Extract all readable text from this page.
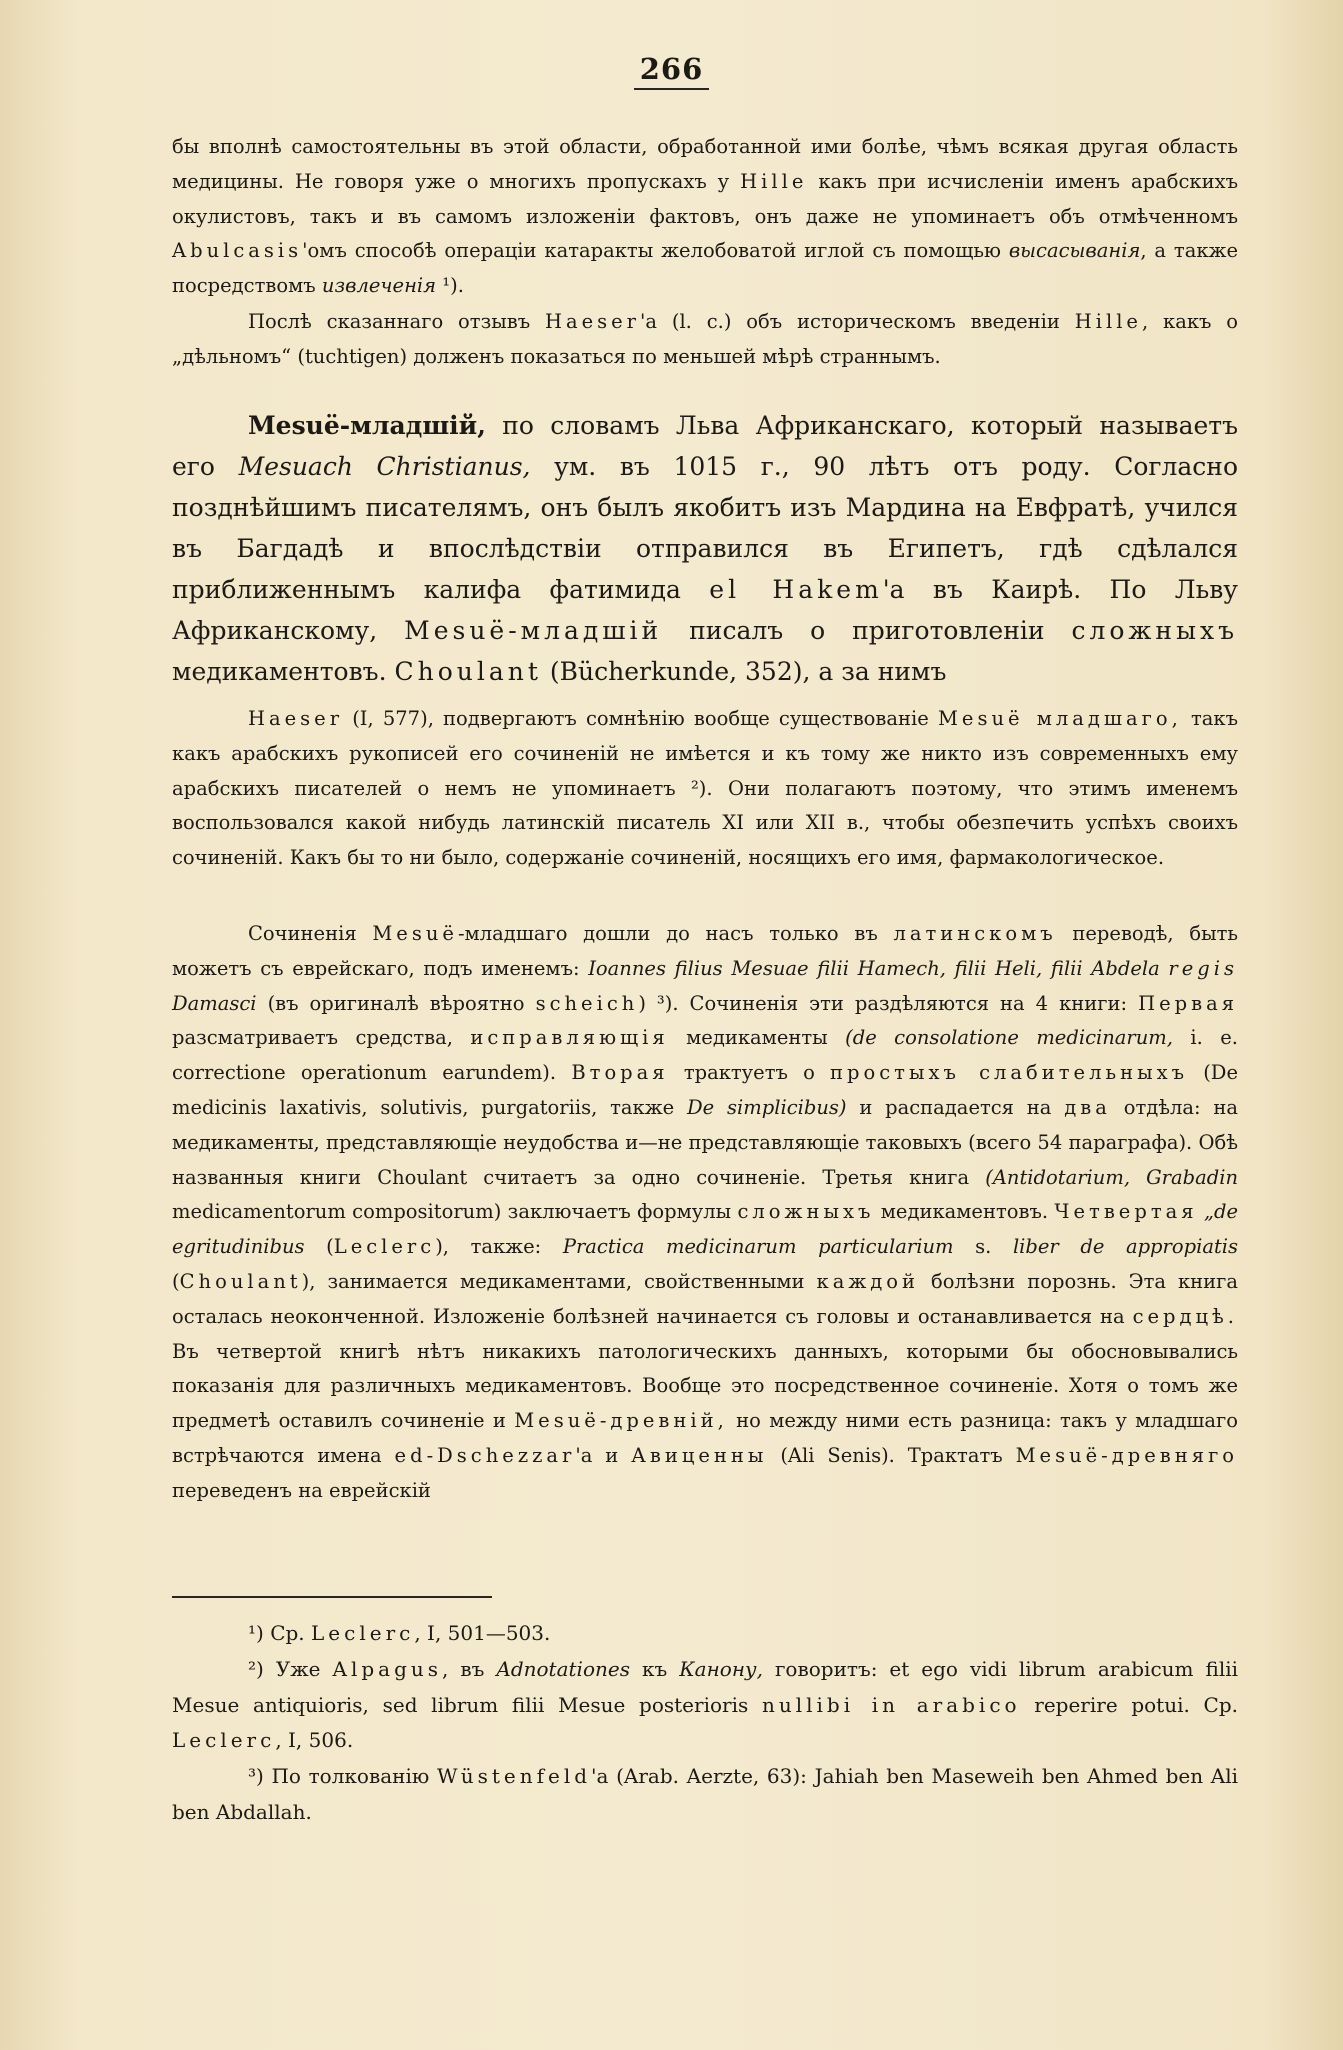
266

бы вполнѣ самостоятельны въ этой области, обработанной ими болѣе, чѣмъ всякая другая область медицины. Не говоря уже о многихъ пропускахъ у Hille какъ при исчисленіи именъ арабскихъ окулистовъ, такъ и въ самомъ изложеніи фактовъ, онъ даже не упоминаетъ объ отмѣченномъ Abulcasis'омъ способѣ операціи катаракты желобоватой иглой съ помощью высасыванія, а также посредствомъ извлеченія ¹).

Послѣ сказаннаго отзывъ Haeser'а (l. c.) объ историческомъ введеніи Hille, какъ о „дѣльномъ“ (tuchtigen) долженъ показаться по меньшей мѣрѣ страннымъ.

Mesuë-младшій, по словамъ Льва Африканскаго, который называетъ его Mesuach Christianus, ум. въ 1015 г., 90 лѣтъ отъ роду. Согласно позднѣйшимъ писателямъ, онъ былъ якобитъ изъ Мардина на Евфратѣ, учился въ Багдадѣ и впослѣдствіи отправился въ Египетъ, гдѣ сдѣлался приближеннымъ калифа фатимида el Hakem'а въ Каирѣ. По Льву Африканскому, Mesuë-младшій писалъ о приготовленіи сложныхъ медикаментовъ. Choulant (Bücherkunde, 352), а за нимъ

Haeser (I, 577), подвергаютъ сомнѣнію вообще существованіе Mesuë младшаго, такъ какъ арабскихъ рукописей его сочиненій не имѣется и къ тому же никто изъ современныхъ ему арабскихъ писателей о немъ не упоминаетъ ²). Они полагаютъ поэтому, что этимъ именемъ воспользовался какой нибудь латинскій писатель XI или XII в., чтобы обезпечить успѣхъ своихъ сочиненій. Какъ бы то ни было, содержаніе сочиненій, носящихъ его имя, фармакологическое.

Сочиненія Mesuë-младшаго дошли до насъ только въ латинскомъ переводѣ, быть можетъ съ еврейскаго, подъ именемъ: Ioannes filius Mesuae filii Hamech, filii Heli, filii Abdela regis Damasci (въ оригиналѣ вѣроятно scheich) ³). Сочиненія эти раздѣляются на 4 книги: Первая разсматриваетъ средства, исправляющія медикаменты (de consolatione medicinarum, i. e. correctione operationum earundem). Вторая трактуетъ о простыхъ слабительныхъ (De medicinis laxativis, solutivis, purgatoriis, также De simplicibus) и распадается на два отдѣла: на медикаменты, представляющіе неудобства и—не представляющіе таковыхъ (всего 54 параграфа). Обѣ названныя книги Choulant считаетъ за одно сочиненіе. Третья книга (Antidotarium, Grabadin medicamentorum compositorum) заключаетъ формулы сложныхъ медикаментовъ. Четвертая „de egritudinibus (Leclerc), также: Practica medicinarum particularium s. liber de appropiatis (Choulant), занимается медикаментами, свойственными каждой болѣзни порознь. Эта книга осталась неоконченной. Изложеніе болѣзней начинается съ головы и останавливается на сердцѣ. Въ четвертой книгѣ нѣтъ никакихъ патологическихъ данныхъ, которыми бы обосновывались показанія для различныхъ медикаментовъ. Вообще это посредственное сочиненіе. Хотя о томъ же предметѣ оставилъ сочиненіе и Mesuë-древній, но между ними есть разница: такъ у младшаго встрѣчаются имена ed-Dschezzar'а и Авиценны (Ali Senis). Трактатъ Mesuë-древняго переведенъ на еврейскій

¹) Ср. Leclerc, I, 501—503.

²) Уже Alpagus, въ Adnotationes къ Канону, говоритъ: et ego vidi librum arabicum filii Mesue antiquioris, sed librum filii Mesue posterioris nullibi in arabico reperire potui. Ср. Leclerc, I, 506.

³) По толкованію Wüstenfeld'а (Arab. Aerzte, 63): Jahiah ben Maseweih ben Ahmed ben Ali ben Abdallah.
